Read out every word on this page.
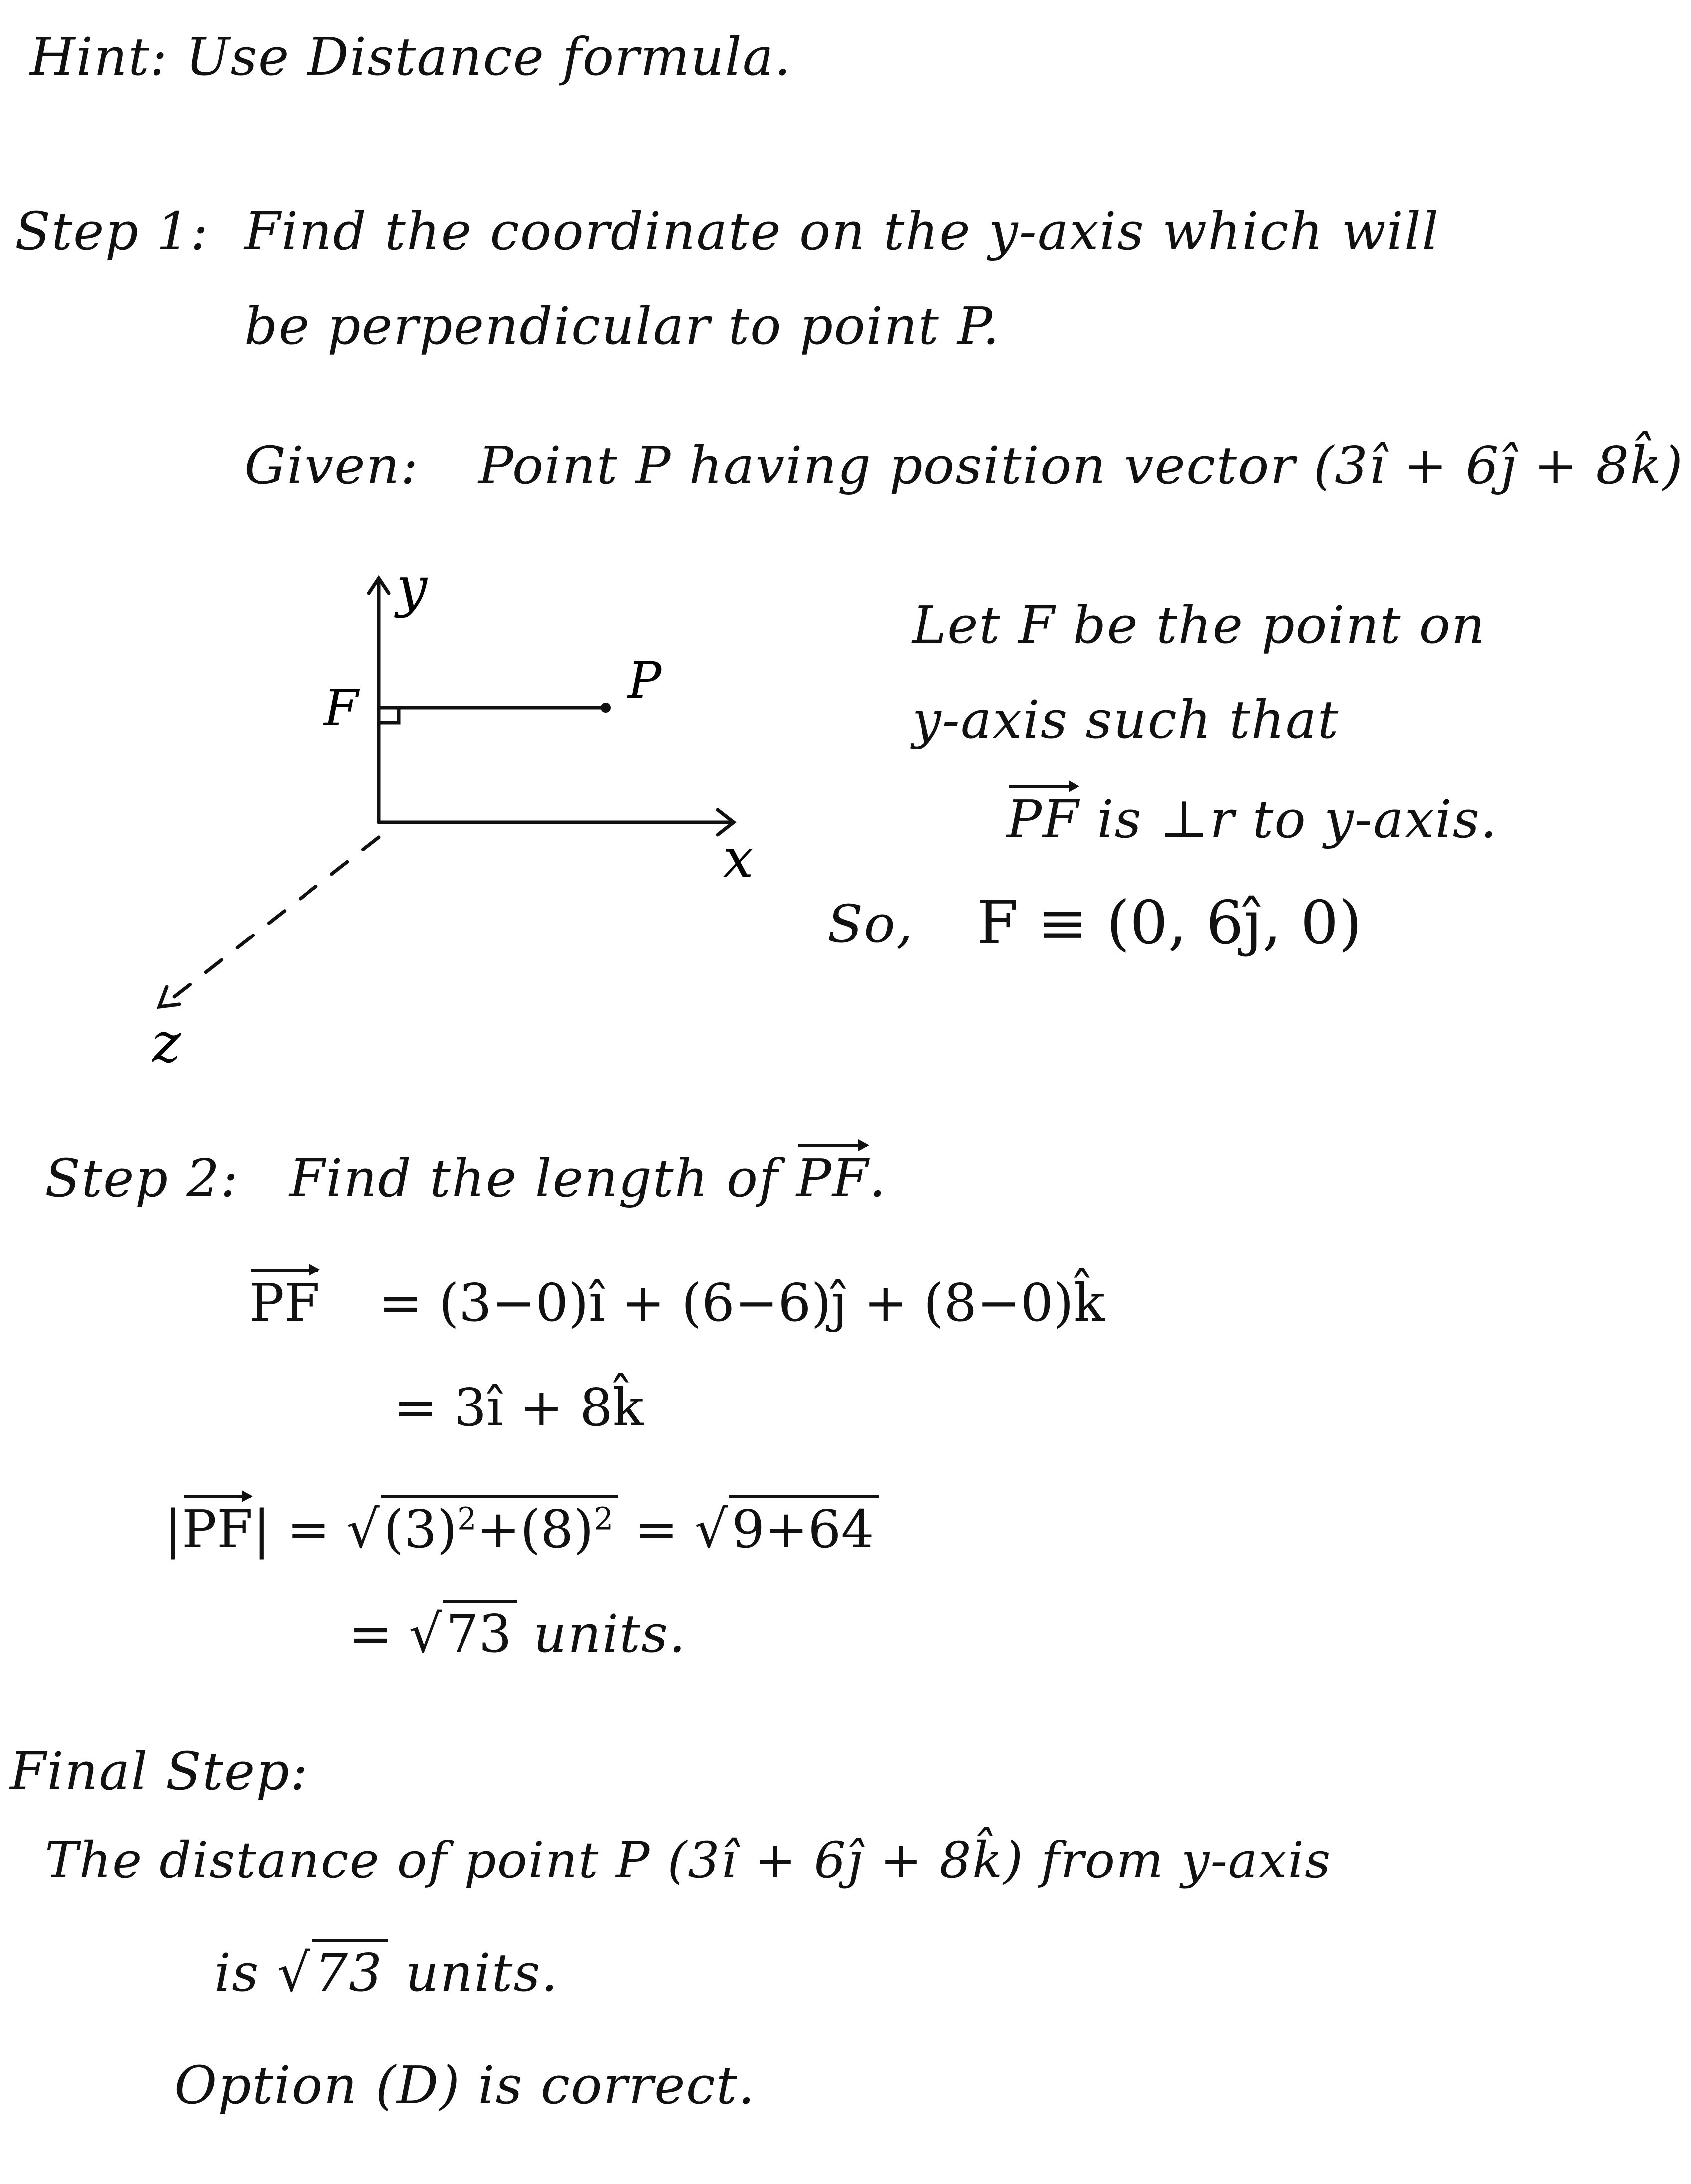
Hint: Use Distance formula.
Step 1: Find the coordinate on the y-axis which will
be perpendicular to point P.
Given: Point P having position vector (3î + 6ĵ + 8k̂)
y
x
z
F	P
Let F be the point on
y-axis such that
PF is ⊥r to y-axis.
So, F ≡ (0, 6ĵ, 0)
Step 2: Find the length of PF.
PF = (3−0)î + (6−6)ĵ + (8−0)k̂
= 3î + 8k̂
$|PF| = √(3)^2+(8)^2 = √9+64$
= √73 units.
Final Step:
The distance of point P (3î + 6ĵ + 8k̂) from y-axis
is √73 units.
Option (D) is correct.
